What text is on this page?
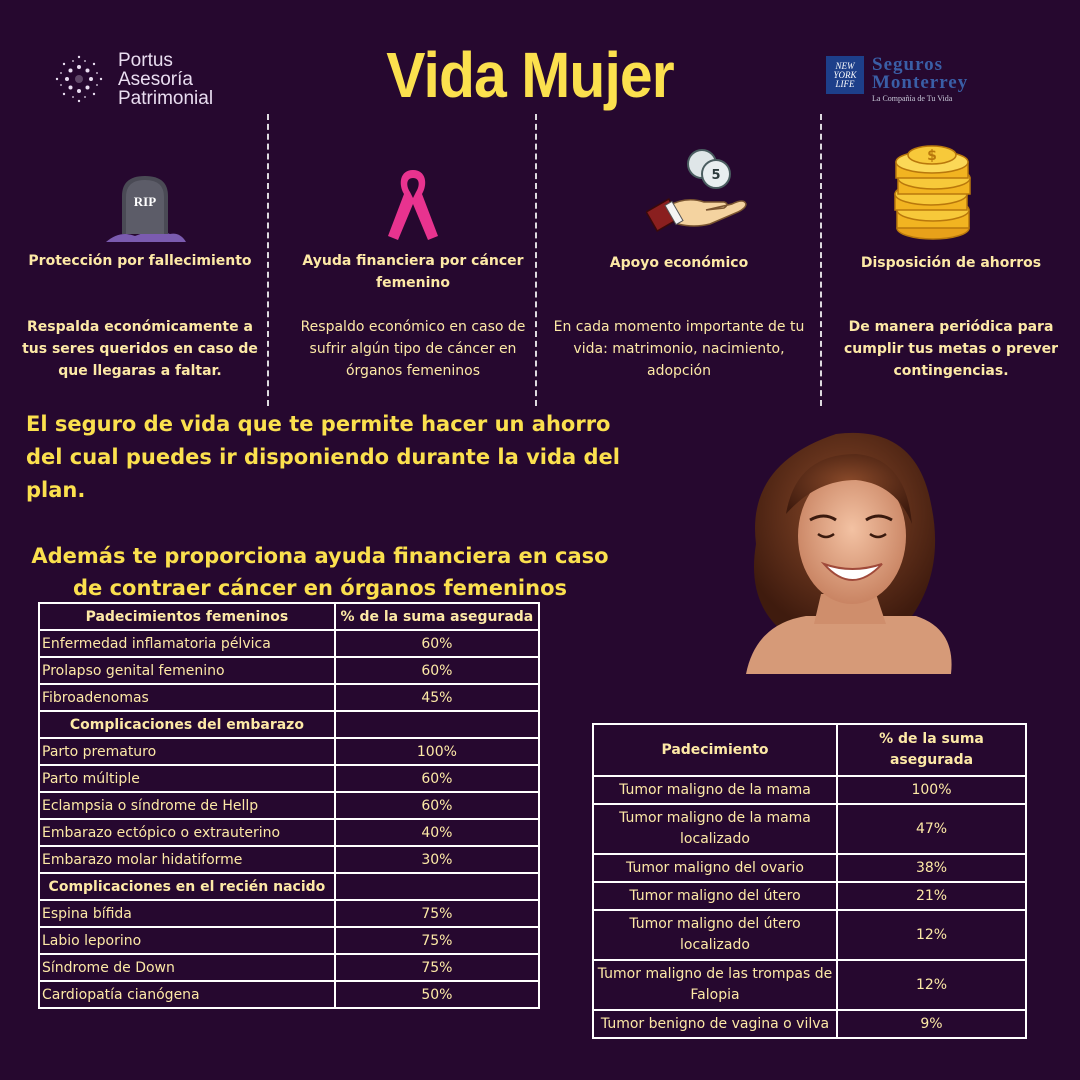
Portus
Asesoría
Patrimonial	Vida Mujer	NEW
YORK
LIFE
Seguros
Monterrey
La Compañía de Tu Vida
RIP
Protección por fallecimiento
Respalda económicamente a tus seres queridos en caso de que llegaras a faltar.
Ayuda financiera por cáncer femenino
Respaldo económico en caso de sufrir algún tipo de cáncer en órganos femeninos
5
Apoyo económico
En cada momento importante de tu vida: matrimonio, nacimiento, adopción
$
Disposición de ahorros
De manera periódica para cumplir tus metas o prever contingencias.
El seguro de vida que te permite hacer un ahorro del cual puedes ir disponiendo durante la vida del plan.
Además te proporciona ayuda financiera en caso de contraer cáncer en órganos femeninos
Padecimientos femeninos	% de la suma asegurada
Enfermedad inflamatoria pélvica	60%
Prolapso genital femenino	60%
Fibroadenomas	45%
Complicaciones del embarazo	
Parto prematuro	100%
Parto múltiple	60%
Eclampsia o síndrome de Hellp	60%
Embarazo ectópico o extrauterino	40%
Embarazo molar hidatiforme	30%
Complicaciones en el recién nacido	
Espina bífida	75%
Labio leporino	75%
Síndrome de Down	75%
Cardiopatía cianógena	50%
Padecimiento	% de la suma asegurada
Tumor maligno de la mama	100%
Tumor maligno de la mama localizado	47%
Tumor maligno del ovario	38%
Tumor maligno del útero	21%
Tumor maligno del útero localizado	12%
Tumor maligno de las trompas de Falopia	12%
Tumor benigno de vagina o vilva	9%
